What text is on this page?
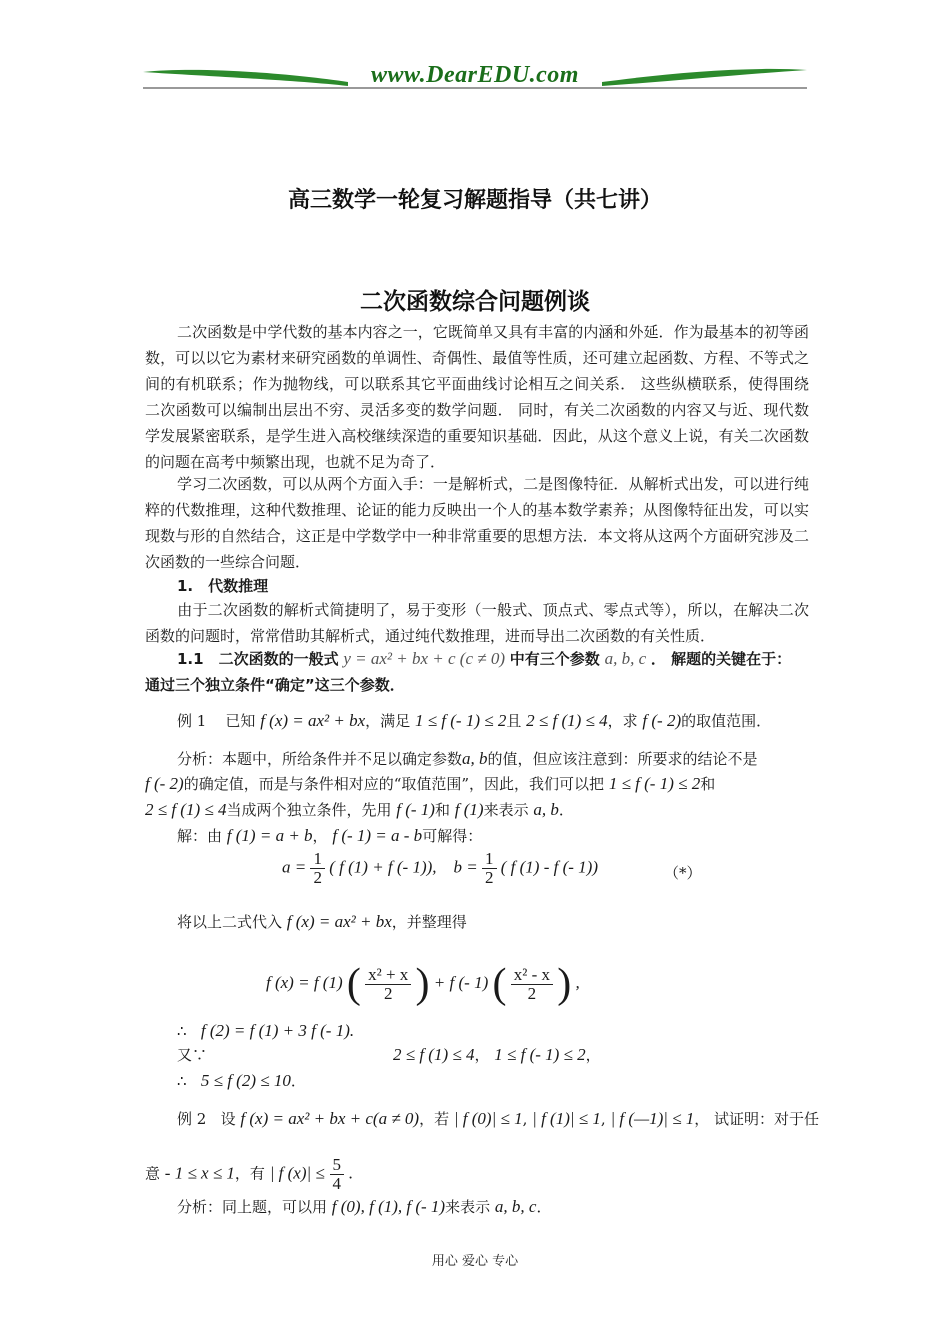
www.DearEDU.com
高三数学一轮复习解题指导（共七讲）
二次函数综合问题例谈
二次函数是中学代数的基本内容之一，它既简单又具有丰富的内涵和外延．作为最基本的初等函数，可以以它为素材来研究函数的单调性、奇偶性、最值等性质，还可建立起函数、方程、不等式之间的有机联系；作为抛物线，可以联系其它平面曲线讨论相互之间关系． 这些纵横联系，使得围绕二次函数可以编制出层出不穷、灵活多变的数学问题． 同时，有关二次函数的内容又与近、现代数学发展紧密联系，是学生进入高校继续深造的重要知识基础．因此，从这个意义上说，有关二次函数的问题在高考中频繁出现，也就不足为奇了．
学习二次函数，可以从两个方面入手：一是解析式，二是图像特征．从解析式出发，可以进行纯粹的代数推理，这种代数推理、论证的能力反映出一个人的基本数学素养；从图像特征出发，可以实现数与形的自然结合，这正是中学数学中一种非常重要的思想方法．本文将从这两个方面研究涉及二次函数的一些综合问题．
1.　代数推理
由于二次函数的解析式简捷明了，易于变形（一般式、顶点式、零点式等），所以，在解决二次函数的问题时，常常借助其解析式，通过纯代数推理，进而导出二次函数的有关性质．
1.1　二次函数的一般式 y = ax² + bx + c (c ≠ 0) 中有三个参数 a, b, c ． 解题的关键在于：
通过三个独立条件“确定”这三个参数．
例 1 已知 f (x) = ax² + bx，满足 1 ≤ f (- 1) ≤ 2且 2 ≤ f (1) ≤ 4，求 f (- 2)的取值范围．
分析：本题中，所给条件并不足以确定参数a, b的值，但应该注意到：所要求的结论不是
f (- 2)的确定值，而是与条件相对应的“取值范围”，因此，我们可以把 1 ≤ f (- 1) ≤ 2和
2 ≤ f (1) ≤ 4当成两个独立条件，先用 f (- 1)和 f (1)来表示 a, b．
解：由 f (1) = a + b， f (- 1) = a - b可解得：
$a = \frac{1}{2}$ ( f (1) + f (- 1)), $b = \frac{1}{2}$ ( f (1) - f (- 1))	（*）
将以上二式代入 f (x) = ax² + bx，并整理得
f (x) = f (1) ( $\frac{\text{x² + x}}{2}$ ) + f (- 1) ( $\frac{\text{x² - x}}{2}$ ) ,
∴ f (2) = f (1) + 3 f (- 1).
又∵	2 ≤ f (1) ≤ 4， 1 ≤ f (- 1) ≤ 2，
∴ 5 ≤ f (2) ≤ 10．
例 2 设 f (x) = ax² + bx + c(a ≠ 0)，若 | f (0)| ≤ 1, | f (1)| ≤ 1, | f (—1)| ≤ 1， 试证明：对于任
意 - 1 ≤ x ≤ 1，有 | f $(x)| \le \frac{5}{4}$ .
分析：同上题，可以用 f (0), f (1), f (- 1)来表示 a, b, c．
用心 爱心 专心
